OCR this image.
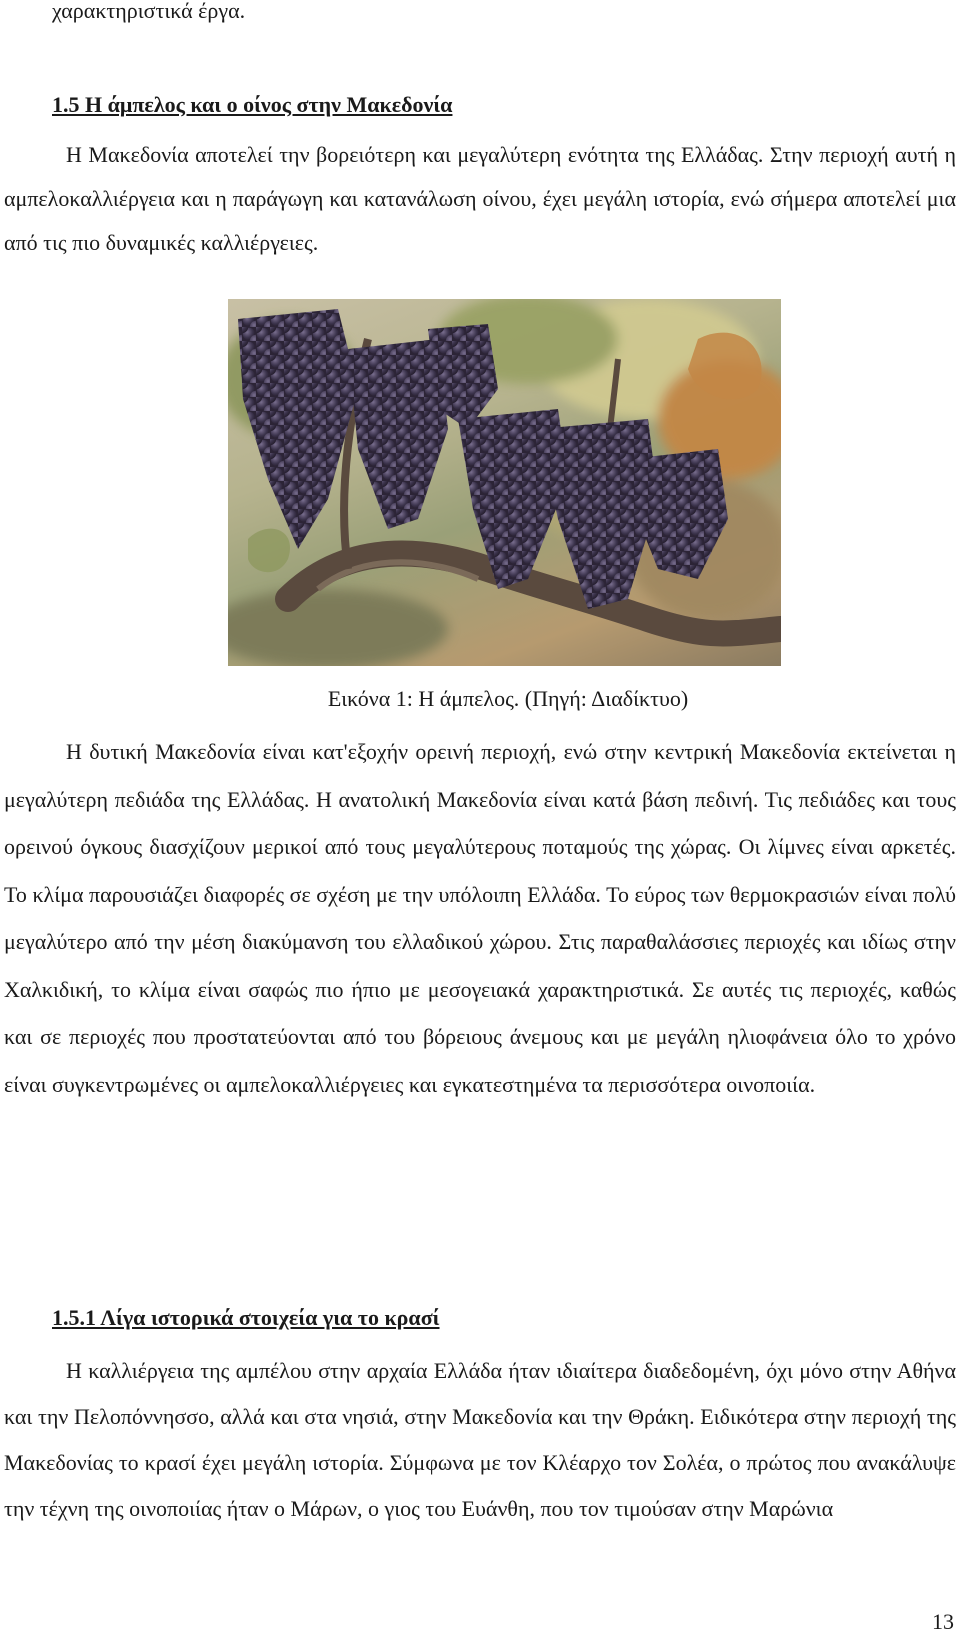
χαρακτηριστικά έργα.

1.5 Η άμπελος και ο οίνος στην Μακεδονία

Η Μακεδονία αποτελεί την βορειότερη και μεγαλύτερη ενότητα της Ελλάδας. Στην περιοχή αυτή η αμπελοκαλλιέργεια και η παράγωγη και κατανάλωση οίνου, έχει μεγάλη ιστορία, ενώ σήμερα αποτελεί μια από τις πιο δυναμικές καλλιέργειες.

Εικόνα 1: Η άμπελος. (Πηγή: Διαδίκτυο)

Η δυτική Μακεδονία είναι κατ'εξοχήν ορεινή περιοχή, ενώ στην κεντρική Μακεδονία εκτείνεται η μεγαλύτερη πεδιάδα της Ελλάδας. Η ανατολική Μακεδονία είναι κατά βάση πεδινή. Τις πεδιάδες και τους ορεινού όγκους διασχίζουν μερικοί από τους μεγαλύτερους ποταμούς της χώρας. Οι λίμνες είναι αρκετές. Το κλίμα παρουσιάζει διαφορές σε σχέση με την υπόλοιπη Ελλάδα. Το εύρος των θερμοκρασιών είναι πολύ μεγαλύτερο από την μέση διακύμανση του ελλαδικού χώρου. Στις παραθαλάσσιες περιοχές και ιδίως στην Χαλκιδική, το κλίμα είναι σαφώς πιο ήπιο με μεσογειακά χαρακτηριστικά. Σε αυτές τις περιοχές, καθώς και σε περιοχές που προστατεύονται από του βόρειους άνεμους και με μεγάλη ηλιοφάνεια όλο το χρόνο είναι συγκεντρωμένες οι αμπελοκαλλιέργειες και εγκατεστημένα τα περισσότερα οινοποιία.

1.5.1 Λίγα ιστορικά στοιχεία για το κρασί

Η καλλιέργεια της αμπέλου στην αρχαία Ελλάδα ήταν ιδιαίτερα διαδεδομένη, όχι μόνο στην Αθήνα και την Πελοπόννησσο, αλλά και στα νησιά, στην Μακεδονία και την Θράκη. Ειδικότερα στην περιοχή της Μακεδονίας το κρασί έχει μεγάλη ιστορία. Σύμφωνα με τον Κλέαρχο τον Σολέα, ο πρώτος που ανακάλυψε την τέχνη της οινοποιίας ήταν ο Μάρων, ο γιος του Ευάνθη, που τον τιμούσαν στην Μαρώνια

13
